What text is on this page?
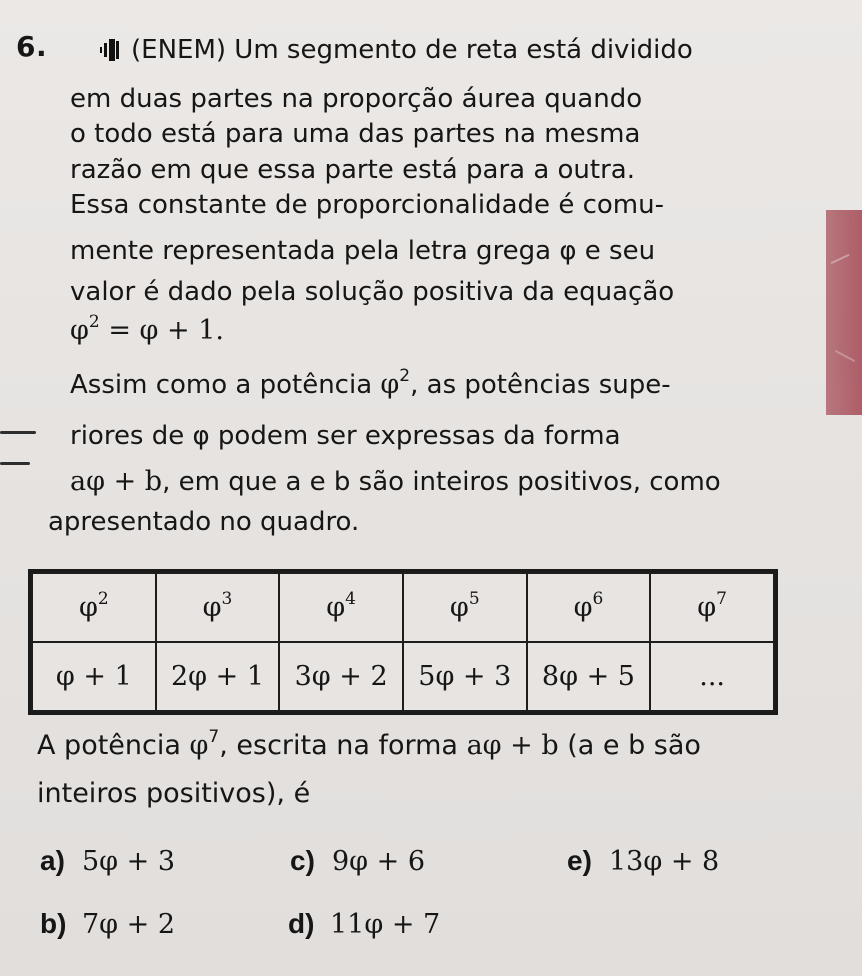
6.	(ENEM) Um segmento de reta está dividido
em duas partes na proporção áurea quando
o todo está para uma das partes na mesma
razão em que essa parte está para a outra.
Essa constante de proporcionalidade é comu-
mente representada pela letra grega φ e seu
valor é dado pela solução positiva da equação
$\varphi^2 = \varphi + 1$.
Assim como a potência $\varphi^2$, as potências supe-
riores de φ podem ser expressas da forma
aφ + b, em que a e b são inteiros positivos, como
apresentado no quadro.
$\varphi^2$	$\varphi^3$	$\varphi^4$	$\varphi^5$	$\varphi^6$	$\varphi^7$
φ + 1	2φ + 1	3φ + 2	5φ + 3	8φ + 5	...
A potência $\varphi^7$, escrita na forma aφ + b (a e b são
inteiros positivos), é
a) 5φ + 3
b) 7φ + 2
c) 9φ + 6
d) 11φ + 7
e) 13φ + 8
